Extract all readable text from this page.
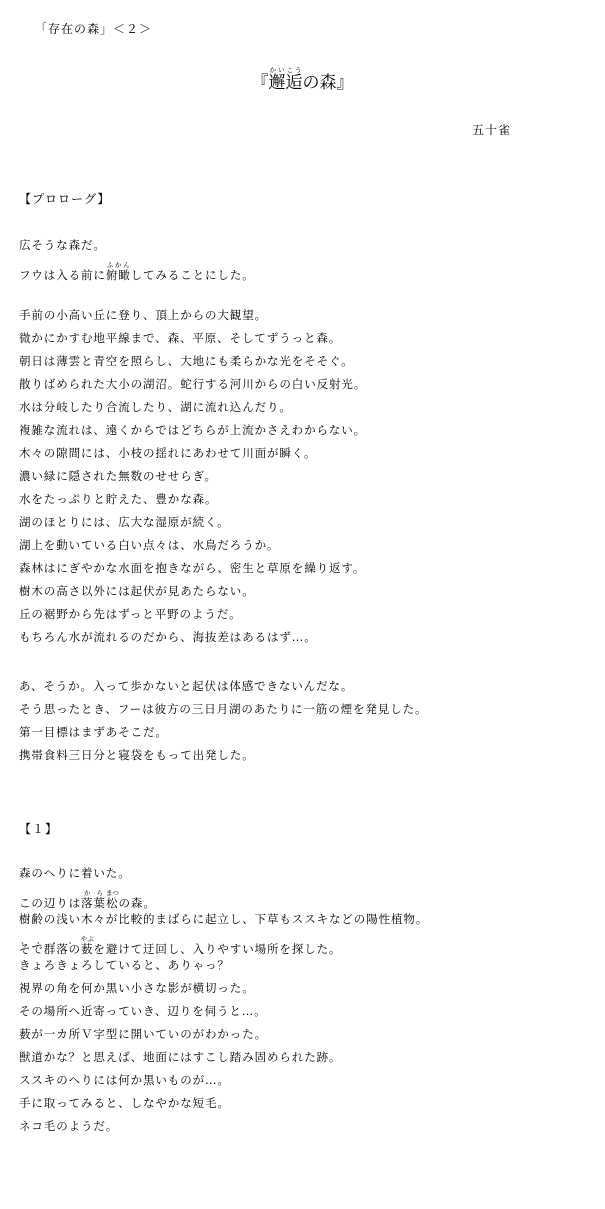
「存在の森」＜２＞
『邂逅かいこうの森』
五十雀
【プロローグ】
広そうな森だ。
フウは入る前に俯瞰ふかんしてみることにした。
手前の小高い丘に登り、頂上からの大観望。
微かにかすむ地平線まで、森、平原、そしてずうっと森。
朝日は薄雲と青空を照らし、大地にも柔らかな光をそそぐ。
散りばめられた大小の湖沼。蛇行する河川からの白い反射光。
水は分岐したり合流したり、湖に流れ込んだり。
複雑な流れは、遠くからではどちらが上流かさえわからない。
木々の隙間には、小枝の揺れにあわせて川面が瞬く。
濃い緑に隠された無数のせせらぎ。
水をたっぷりと貯えた、豊かな森。
湖のほとりには、広大な湿原が続く。
湖上を動いている白い点々は、水鳥だろうか。
森林はにぎやかな水面を抱きながら、密生と草原を繰り返す。
樹木の高さ以外には起伏が見あたらない。
丘の裾野から先はずっと平野のようだ。
もちろん水が流れるのだから、海抜差はあるはず…。
あ、そうか。入って歩かないと起伏は体感できないんだな。
そう思ったとき、フーは彼方の三日月湖のあたりに一筋の煙を発見した。
第一目標はまずあそこだ。
携帯食料三日分と寝袋をもって出発した。
【１】
森のへりに着いた。
この辺りは落葉から松まつの森。
樹齢の浅い木々が比較的まばらに起立し、下草もススキなどの陽性植物。
、  、  、  、
そで群落の薮やぶを避けて迂回し、入りやすい場所を探した。
きょろきょろしていると、ありゃっ？
視界の角を何か黒い小さな影が横切った。
その場所へ近寄っていき、辺りを伺うと…。
薮が一カ所Ｖ字型に開いていのがわかった。
獣道かな？と思えば、地面にはすこし踏み固められた跡。
ススキのへりには何か黒いものが…。
手に取ってみると、しなやかな短毛。
ネコ毛のようだ。
